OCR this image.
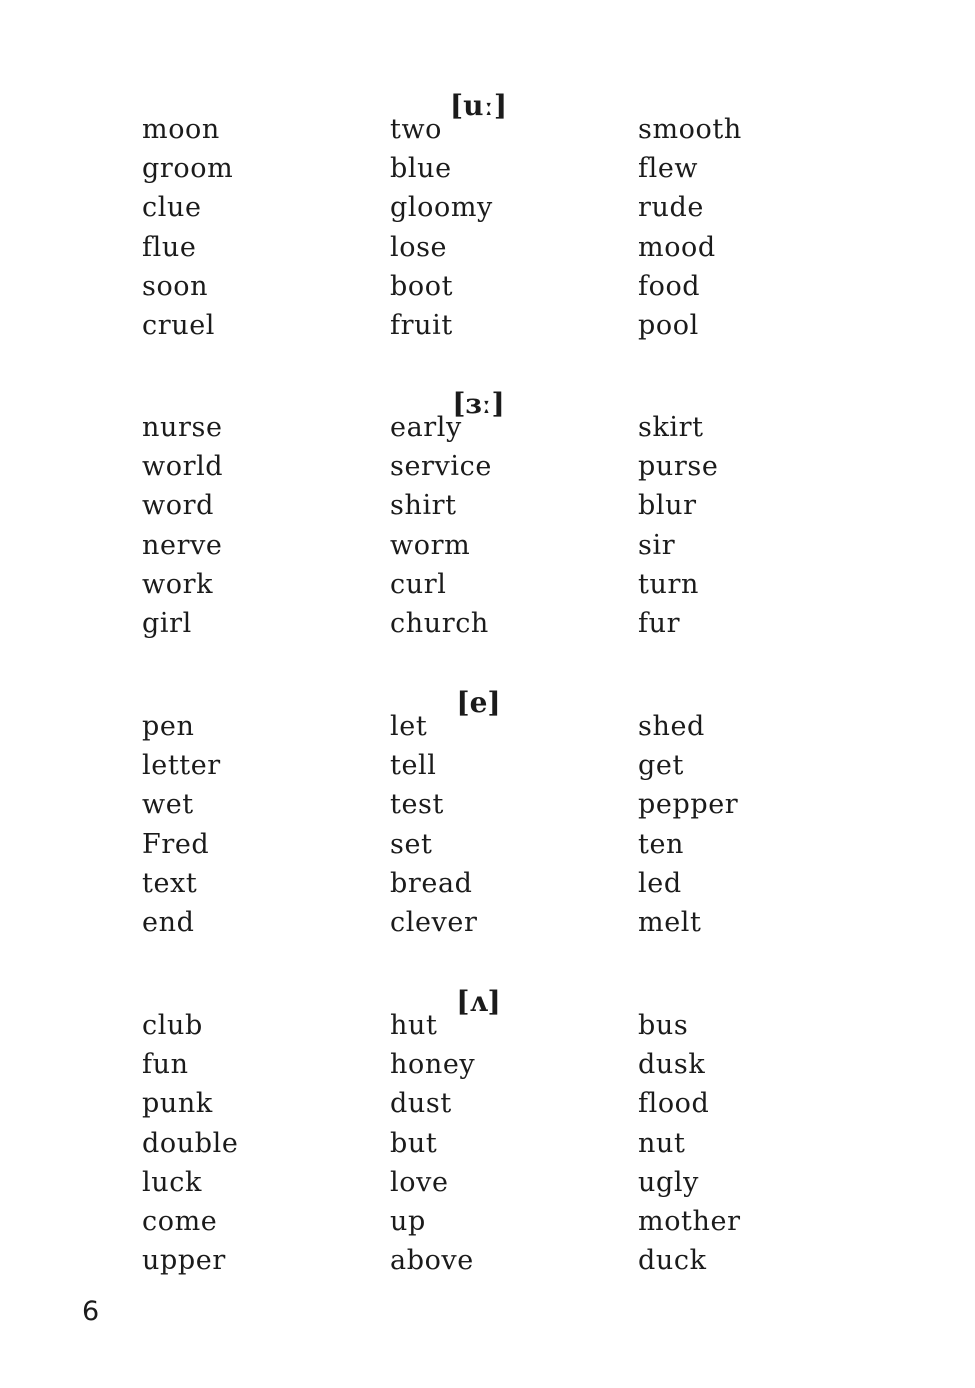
[uː]
moon
groom
clue
flue
soon
cruel
two
blue
gloomy
lose
boot
fruit
smooth
flew
rude
mood
food
pool
[ɜː]
nurse
world
word
nerve
work
girl
early
service
shirt
worm
curl
church
skirt
purse
blur
sir
turn
fur
[e]
pen
letter
wet
Fred
text
end
let
tell
test
set
bread
clever
shed
get
pepper
ten
led
melt
[ʌ]
club
fun
punk
double
luck
come
upper
hut
honey
dust
but
love
up
above
bus
dusk
flood
nut
ugly
mother
duck
6
